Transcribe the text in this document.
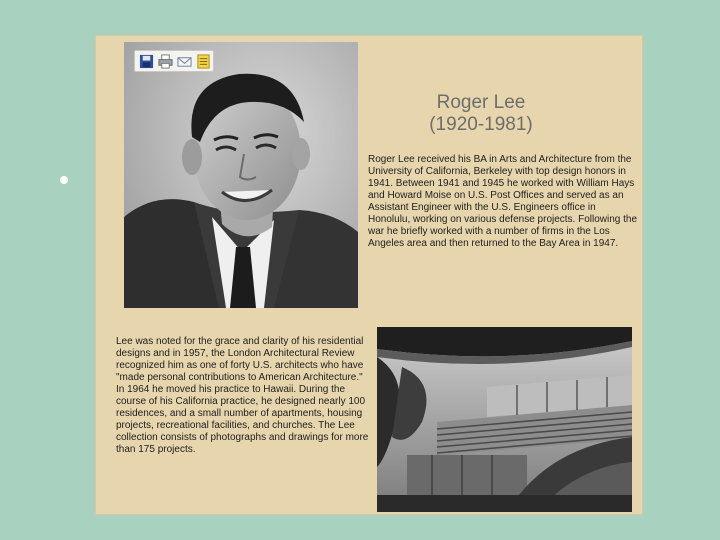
Roger Lee
(1920-1981)

Roger Lee received his BA in Arts and Architecture from the University of California, Berkeley with top design honors in 1941. Between 1941 and 1945 he worked with William Hays and Howard Moise on U.S. Post Offices and served as an Assistant Engineer with the U.S. Engineers office in Honolulu, working on various defense projects. Following the war he briefly worked with a number of firms in the Los Angeles area and then returned to the Bay Area in 1947.

Lee was noted for the grace and clarity of his residential designs and in 1957, the London Architectural Review recognized him as one of forty U.S. architects who have "made personal contributions to American Architecture." In 1964 he moved his practice to Hawaii. During the course of his California practice, he designed nearly 100 residences, and a small number of apartments, housing projects, recreational facilities, and churches. The Lee collection consists of photographs and drawings for more than 175 projects.
